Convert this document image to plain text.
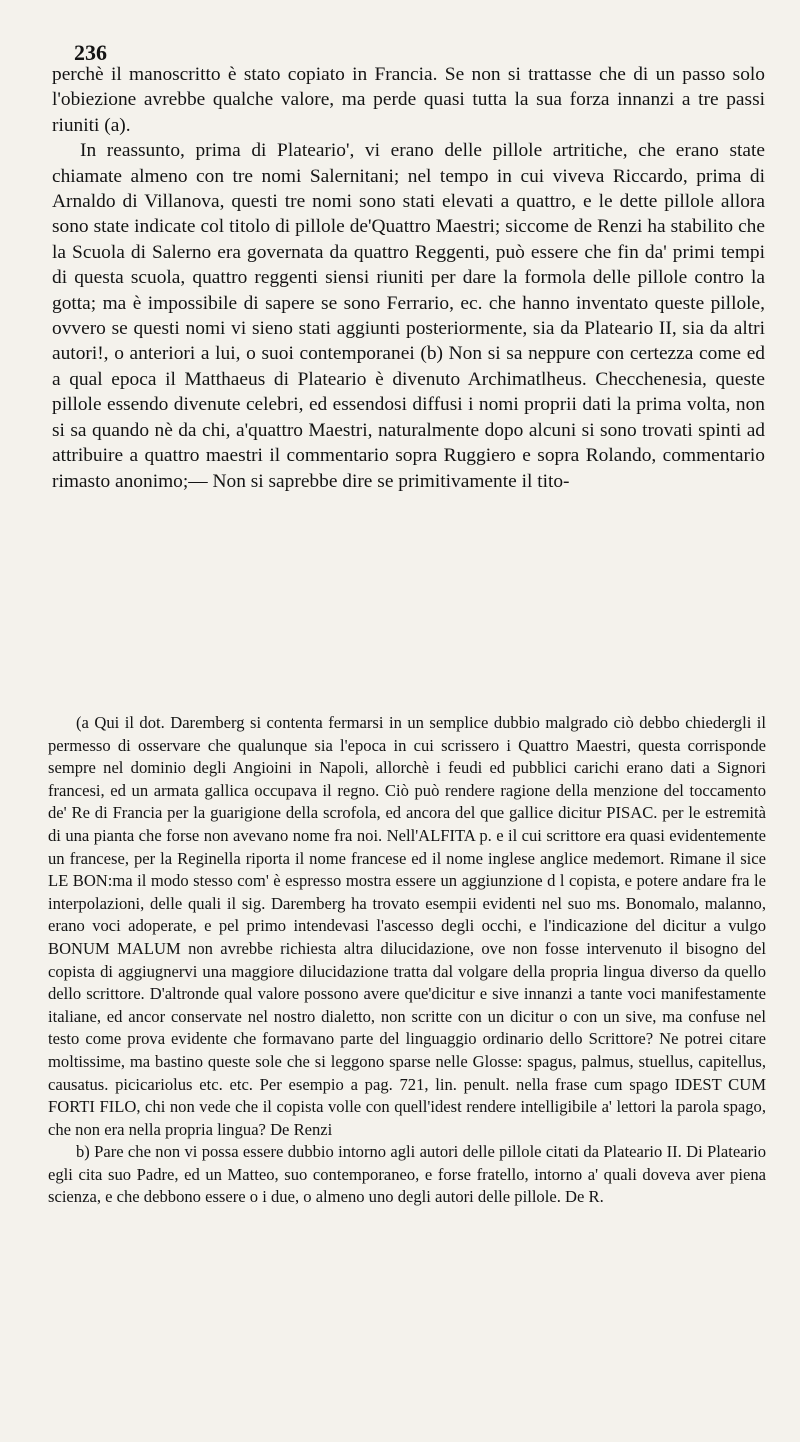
236

perchè il manoscritto è stato copiato in Francia. Se non si trattasse che di un passo solo l'obiezione avrebbe qualche valore, ma perde quasi tutta la sua forza innanzi a tre passi riuniti (a).

In reassunto, prima di Plateario', vi erano delle pillole artritiche, che erano state chiamate almeno con tre nomi Salernitani; nel tempo in cui viveva Riccardo, prima di Arnaldo di Villanova, questi tre nomi sono stati elevati a quattro, e le dette pillole allora sono state indicate col titolo di pillole de'Quattro Maestri; siccome de Renzi ha stabilito che la Scuola di Salerno era governata da quattro Reggenti, può essere che fin da' primi tempi di questa scuola, quattro reggenti siensi riuniti per dare la formola delle pillole contro la gotta; ma è impossibile di sapere se sono Ferrario, ec. che hanno inventato queste pillole, ovvero se questi nomi vi sieno stati aggiunti posteriormente, sia da Plateario II, sia da altri autori!, o anteriori a lui, o suoi contemporanei (b) Non si sa neppure con certezza come ed a qual epoca il Matthaeus di Plateario è divenuto Archimatlheus. Checchenesia, queste pillole essendo divenute celebri, ed essendosi diffusi i nomi proprii dati la prima volta, non si sa quando nè da chi, a'quattro Maestri, naturalmente dopo alcuni si sono trovati spinti ad attribuire a quattro maestri il commentario sopra Ruggiero e sopra Rolando, commentario rimasto anonimo;— Non si saprebbe dire se primitivamente il tito-

(a Qui il dot. Daremberg si contenta fermarsi in un semplice dubbio malgrado ciò debbo chiedergli il permesso di osservare che qualunque sia l'epoca in cui scrissero i Quattro Maestri, questa corrisponde sempre nel dominio degli Angioini in Napoli, allorchè i feudi ed pubblici carichi erano dati a Signori francesi, ed un armata gallica occupava il regno. Ciò può rendere ragione della menzione del toccamento de' Re di Francia per la guarigione della scrofola, ed ancora del que gallice dicitur PISAC. per le estremità di una pianta che forse non avevano nome fra noi. Nell'ALFITA p. e il cui scrittore era quasi evidentemente un francese, per la Reginella riporta il nome francese ed il nome inglese anglice medemort. Rimane il sice LE BON:ma il modo stesso com' è espresso mostra essere un aggiunzione d l copista, e potere andare fra le interpolazioni, delle quali il sig. Daremberg ha trovato esempii evidenti nel suo ms. Bonomalo, malanno, erano voci adoperate, e pel primo intendevasi l'ascesso degli occhi, e l'indicazione del dicitur a vulgo BONUM MALUM non avrebbe richiesta altra dilucidazione, ove non fosse intervenuto il bisogno del copista di aggiugnervi una maggiore dilucidazione tratta dal volgare della propria lingua diverso da quello dello scrittore. D'altronde qual valore possono avere que'dicitur e sive innanzi a tante voci manifestamente italiane, ed ancor conservate nel nostro dialetto, non scritte con un dicitur o con un sive, ma confuse nel testo come prova evidente che formavano parte del linguaggio ordinario dello Scrittore? Ne potrei citare moltissime, ma bastino queste sole che si leggono sparse nelle Glosse: spagus, palmus, stuellus, capitellus, causatus. picicariolus etc. etc. Per esempio a pag. 721, lin. penult. nella frase cum spago IDEST CUM FORTI FILO, chi non vede che il copista volle con quell'idest rendere intelligibile a' lettori la parola spago, che non era nella propria lingua? De Renzi

b) Pare che non vi possa essere dubbio intorno agli autori delle pillole citati da Plateario II. Di Plateario egli cita suo Padre, ed un Matteo, suo contemporaneo, e forse fratello, intorno a' quali doveva aver piena scienza, e che debbono essere o i due, o almeno uno degli autori delle pillole. De R.
